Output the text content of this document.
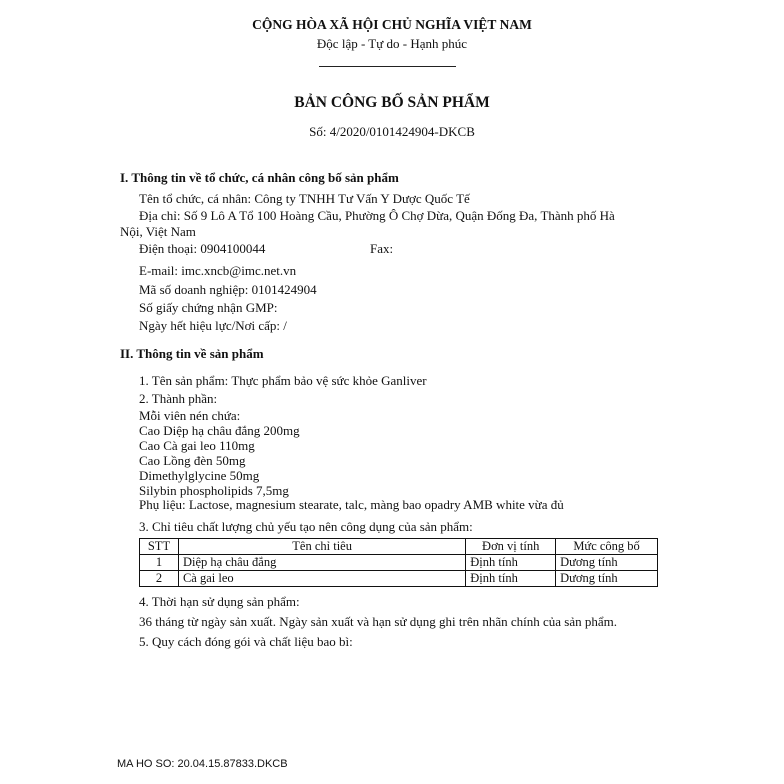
CỘNG HÒA XÃ HỘI CHỦ NGHĨA VIỆT NAM
Độc lập - Tự do - Hạnh phúc
BẢN CÔNG BỐ SẢN PHẨM
Số: 4/2020/0101424904-DKCB
I. Thông tin về tổ chức, cá nhân công bố sản phẩm
Tên tổ chức, cá nhân: Công ty TNHH Tư Vấn Y Dược Quốc Tế
Địa chỉ: Số 9 Lô A Tổ 100 Hoàng Cầu, Phường Ô Chợ Dừa, Quận Đống Đa, Thành phố Hà
Nội, Việt Nam
Điện thoại: 0904100044	Fax:
E-mail: imc.xncb@imc.net.vn
Mã số doanh nghiệp: 0101424904
Số giấy chứng nhận GMP:
Ngày hết hiệu lực/Nơi cấp: /
II. Thông tin về sản phẩm
1. Tên sản phẩm: Thực phẩm bảo vệ sức khỏe Ganliver
2. Thành phần:
Mỗi viên nén chứa:
Cao Diệp hạ châu đắng 200mg
Cao Cà gai leo 110mg
Cao Lồng đèn 50mg
Dimethylglycine 50mg
Silybin phospholipids 7,5mg
Phụ liệu: Lactose, magnesium stearate, talc, màng bao opadry AMB white vừa đủ
3. Chỉ tiêu chất lượng chủ yếu tạo nên công dụng của sản phẩm:
STT	Tên chỉ tiêu	Đơn vị tính	Mức công bố
1	Diệp hạ châu đắng	Định tính	Dương tính
2	Cà gai leo	Định tính	Dương tính
4. Thời hạn sử dụng sản phẩm:
36 tháng từ ngày sản xuất. Ngày sản xuất và hạn sử dụng ghi trên nhãn chính của sản phẩm.
5. Quy cách đóng gói và chất liệu bao bì:
MA HO SO: 20.04.15.87833.DKCB
